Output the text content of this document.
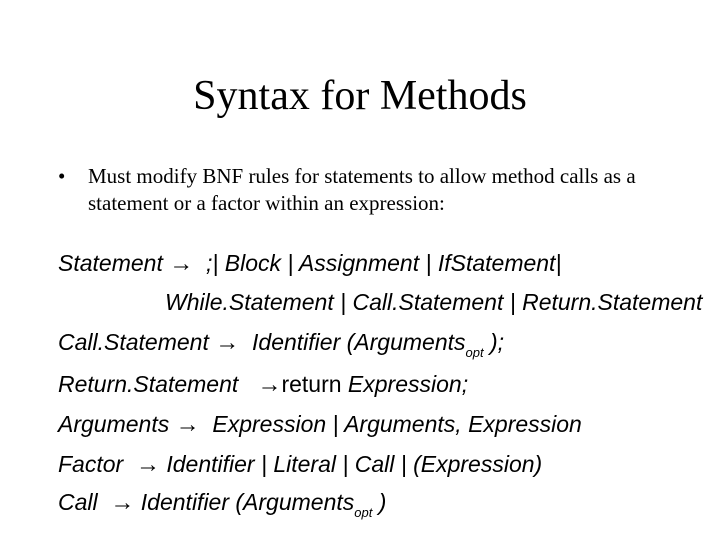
Syntax for Methods
• Must modify BNF rules for statements to allow method calls as a statement or a factor within an expression:
Statement → ;| Block | Assignment | IfStatement|
While.Statement | Call.Statement | Return.Statement
Call.Statement → Identifier (Arguments$_{opt}$ );
Return.Statement →return Expression;
Arguments → Expression | Arguments, Expression
Factor → Identifier | Literal | Call | (Expression)
Call → Identifier (Arguments$_{opt}$ )
